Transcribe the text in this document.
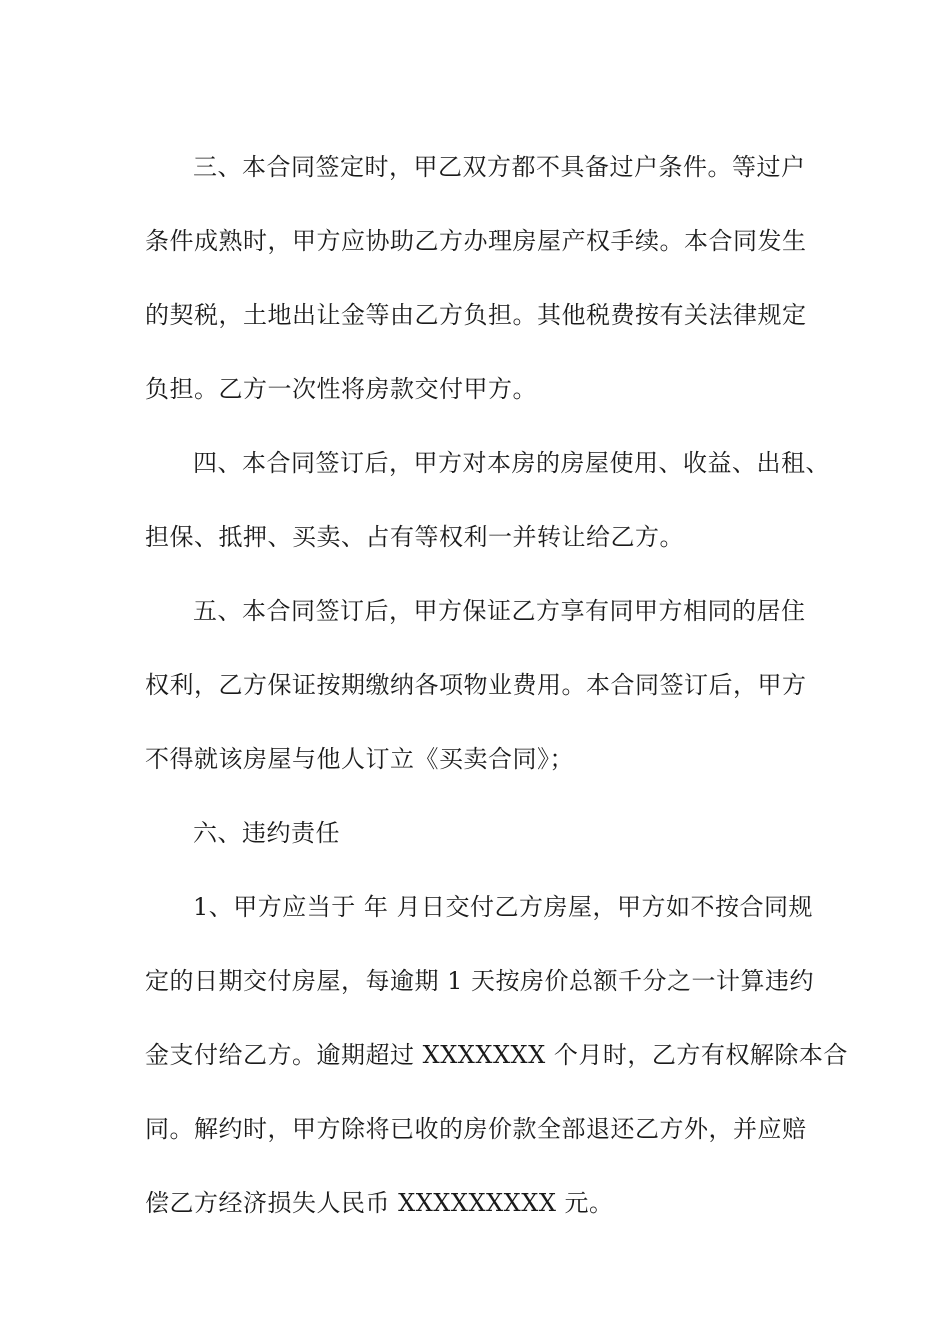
三、本合同签定时，甲乙双方都不具备过户条件。等过户
条件成熟时，甲方应协助乙方办理房屋产权手续。本合同发生
的契税，土地出让金等由乙方负担。其他税费按有关法律规定
负担。乙方一次性将房款交付甲方。
四、本合同签订后，甲方对本房的房屋使用、收益、出租、
担保、抵押、买卖、占有等权利一并转让给乙方。
五、本合同签订后，甲方保证乙方享有同甲方相同的居住
权利，乙方保证按期缴纳各项物业费用。本合同签订后，甲方
不得就该房屋与他人订立《买卖合同》；
六、违约责任
1、甲方应当于 年 月日交付乙方房屋，甲方如不按合同规
定的日期交付房屋，每逾期 1 天按房价总额千分之一计算违约
金支付给乙方。逾期超过 XXXXXXX 个月时，乙方有权解除本合
同。解约时，甲方除将已收的房价款全部退还乙方外，并应赔
偿乙方经济损失人民币 XXXXXXXXX 元。
